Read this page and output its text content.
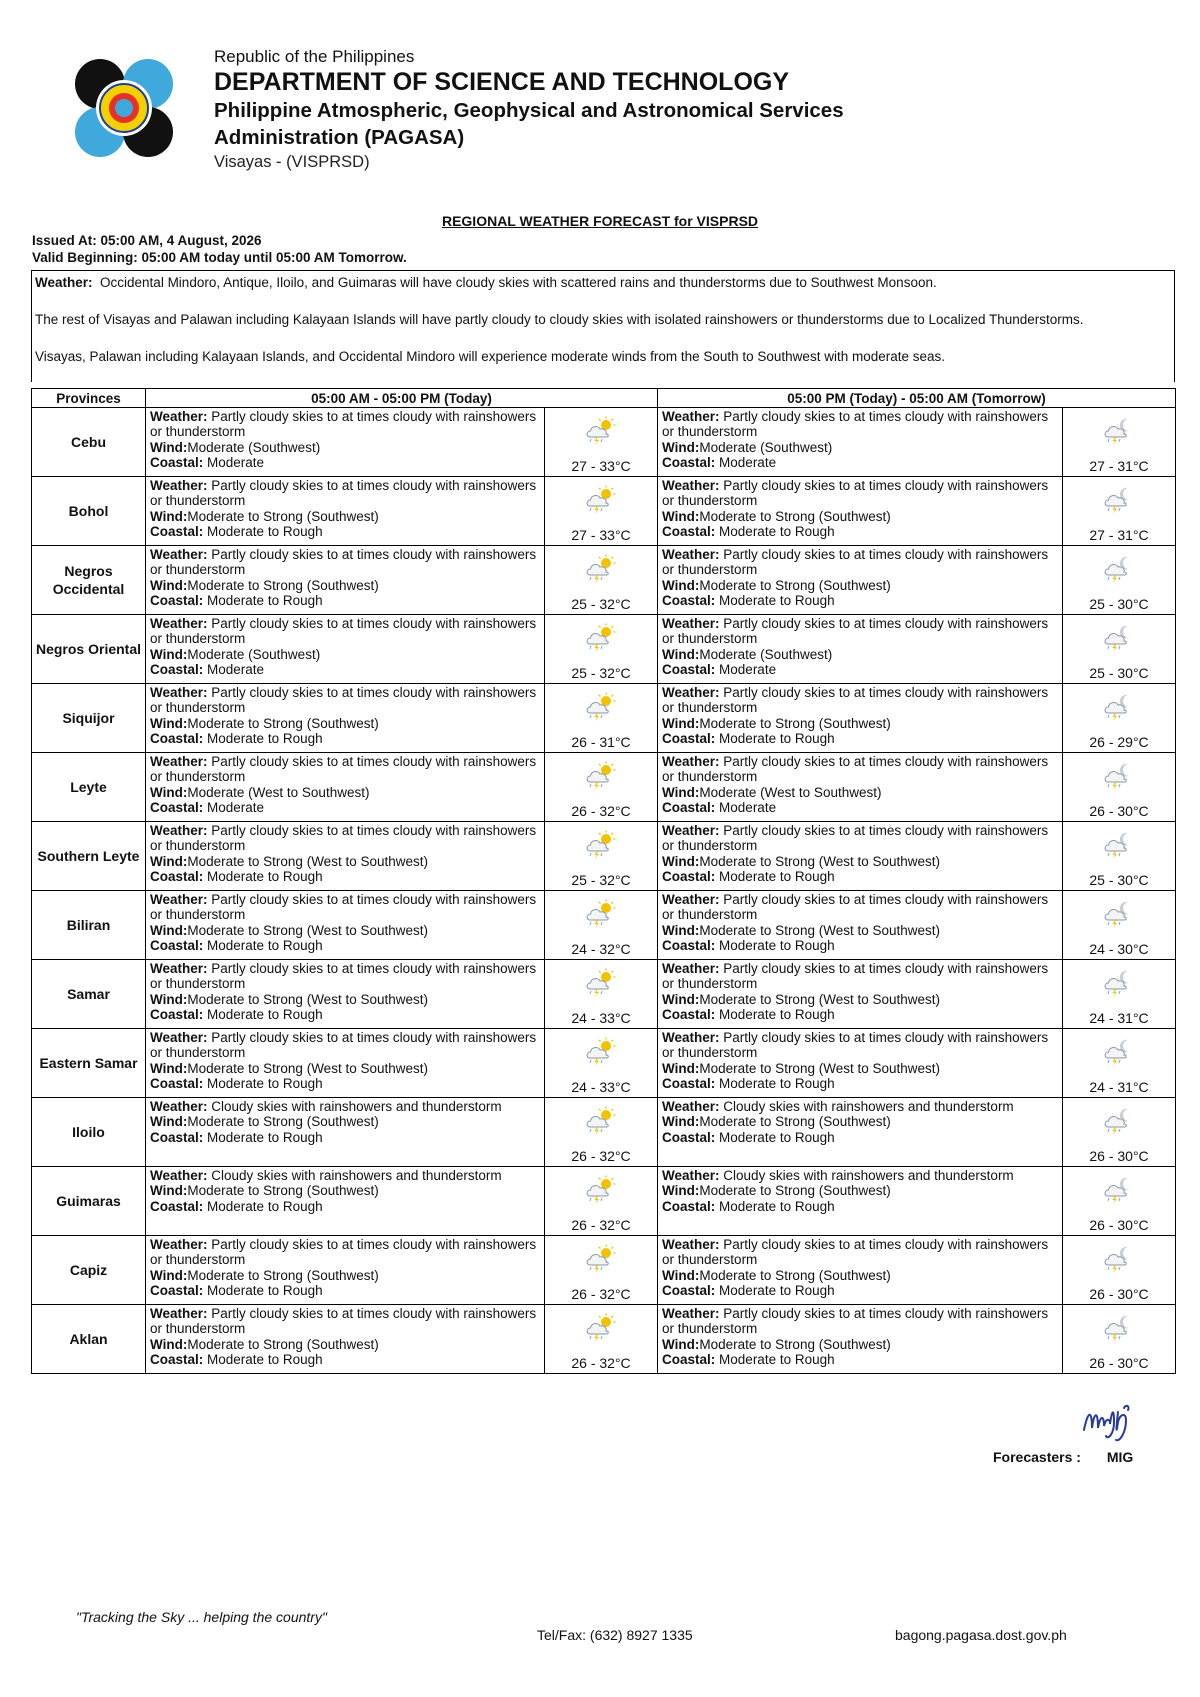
Republic of the Philippines
DEPARTMENT OF SCIENCE AND TECHNOLOGY
Philippine Atmospheric, Geophysical and Astronomical Services
Administration (PAGASA)
Visayas - (VISPRSD)
REGIONAL WEATHER FORECAST for VISPRSD
Issued At: 05:00 AM, 4 August, 2026
Valid Beginning: 05:00 AM today until 05:00 AM Tomorrow.

Weather: Occidental Mindoro, Antique, Iloilo, and Guimaras will have cloudy skies with scattered rains and thunderstorms due to Southwest Monsoon.

The rest of Visayas and Palawan including Kalayaan Islands will have partly cloudy to cloudy skies with isolated rainshowers or thunderstorms due to Localized Thunderstorms.

Visayas, Palawan including Kalayaan Islands, and Occidental Mindoro will experience moderate winds from the South to Southwest with moderate seas.

Provinces	05:00 AM - 05:00 PM (Today)		05:00 PM (Today) - 05:00 AM (Tomorrow)	
Cebu	Weather: Partly cloudy skies to at times cloudy with rainshowers or thunderstorm
Wind:Moderate (Southwest)
Coastal: Moderate	27 - 33°C	Weather: Partly cloudy skies to at times cloudy with rainshowers or thunderstorm
Wind:Moderate (Southwest)
Coastal: Moderate	27 - 31°C

Bohol	Weather: Partly cloudy skies to at times cloudy with rainshowers or thunderstorm
Wind:Moderate to Strong (Southwest)
Coastal: Moderate to Rough	27 - 33°C	Weather: Partly cloudy skies to at times cloudy with rainshowers or thunderstorm
Wind:Moderate to Strong (Southwest)
Coastal: Moderate to Rough	27 - 31°C

Negros Occidental	Weather: Partly cloudy skies to at times cloudy with rainshowers or thunderstorm
Wind:Moderate to Strong (Southwest)
Coastal: Moderate to Rough	25 - 32°C	Weather: Partly cloudy skies to at times cloudy with rainshowers or thunderstorm
Wind:Moderate to Strong (Southwest)
Coastal: Moderate to Rough	25 - 30°C

Negros Oriental	Weather: Partly cloudy skies to at times cloudy with rainshowers or thunderstorm
Wind:Moderate (Southwest)
Coastal: Moderate	25 - 32°C	Weather: Partly cloudy skies to at times cloudy with rainshowers or thunderstorm
Wind:Moderate (Southwest)
Coastal: Moderate	25 - 30°C

Siquijor	Weather: Partly cloudy skies to at times cloudy with rainshowers or thunderstorm
Wind:Moderate to Strong (Southwest)
Coastal: Moderate to Rough	26 - 31°C	Weather: Partly cloudy skies to at times cloudy with rainshowers or thunderstorm
Wind:Moderate to Strong (Southwest)
Coastal: Moderate to Rough	26 - 29°C

Leyte	Weather: Partly cloudy skies to at times cloudy with rainshowers or thunderstorm
Wind:Moderate (West to Southwest)
Coastal: Moderate	26 - 32°C	Weather: Partly cloudy skies to at times cloudy with rainshowers or thunderstorm
Wind:Moderate (West to Southwest)
Coastal: Moderate	26 - 30°C

Southern Leyte	Weather: Partly cloudy skies to at times cloudy with rainshowers or thunderstorm
Wind:Moderate to Strong (West to Southwest)
Coastal: Moderate to Rough	25 - 32°C	Weather: Partly cloudy skies to at times cloudy with rainshowers or thunderstorm
Wind:Moderate to Strong (West to Southwest)
Coastal: Moderate to Rough	25 - 30°C

Biliran	Weather: Partly cloudy skies to at times cloudy with rainshowers or thunderstorm
Wind:Moderate to Strong (West to Southwest)
Coastal: Moderate to Rough	24 - 32°C	Weather: Partly cloudy skies to at times cloudy with rainshowers or thunderstorm
Wind:Moderate to Strong (West to Southwest)
Coastal: Moderate to Rough	24 - 30°C

Samar	Weather: Partly cloudy skies to at times cloudy with rainshowers or thunderstorm
Wind:Moderate to Strong (West to Southwest)
Coastal: Moderate to Rough	24 - 33°C	Weather: Partly cloudy skies to at times cloudy with rainshowers or thunderstorm
Wind:Moderate to Strong (West to Southwest)
Coastal: Moderate to Rough	24 - 31°C

Eastern Samar	Weather: Partly cloudy skies to at times cloudy with rainshowers or thunderstorm
Wind:Moderate to Strong (West to Southwest)
Coastal: Moderate to Rough	24 - 33°C	Weather: Partly cloudy skies to at times cloudy with rainshowers or thunderstorm
Wind:Moderate to Strong (West to Southwest)
Coastal: Moderate to Rough	24 - 31°C

Iloilo	Weather: Cloudy skies with rainshowers and thunderstorm
Wind:Moderate to Strong (Southwest)
Coastal: Moderate to Rough	26 - 32°C	Weather: Cloudy skies with rainshowers and thunderstorm
Wind:Moderate to Strong (Southwest)
Coastal: Moderate to Rough	26 - 30°C

Guimaras	Weather: Cloudy skies with rainshowers and thunderstorm
Wind:Moderate to Strong (Southwest)
Coastal: Moderate to Rough	26 - 32°C	Weather: Cloudy skies with rainshowers and thunderstorm
Wind:Moderate to Strong (Southwest)
Coastal: Moderate to Rough	26 - 30°C

Capiz	Weather: Partly cloudy skies to at times cloudy with rainshowers or thunderstorm
Wind:Moderate to Strong (Southwest)
Coastal: Moderate to Rough	26 - 32°C	Weather: Partly cloudy skies to at times cloudy with rainshowers or thunderstorm
Wind:Moderate to Strong (Southwest)
Coastal: Moderate to Rough	26 - 30°C

Aklan	Weather: Partly cloudy skies to at times cloudy with rainshowers or thunderstorm
Wind:Moderate to Strong (Southwest)
Coastal: Moderate to Rough	26 - 32°C	Weather: Partly cloudy skies to at times cloudy with rainshowers or thunderstorm
Wind:Moderate to Strong (Southwest)
Coastal: Moderate to Rough	26 - 30°C
Forecasters : MIG
"Tracking the Sky ... helping the country"
Tel/Fax: (632) 8927 1335	bagong.pagasa.dost.gov.ph
